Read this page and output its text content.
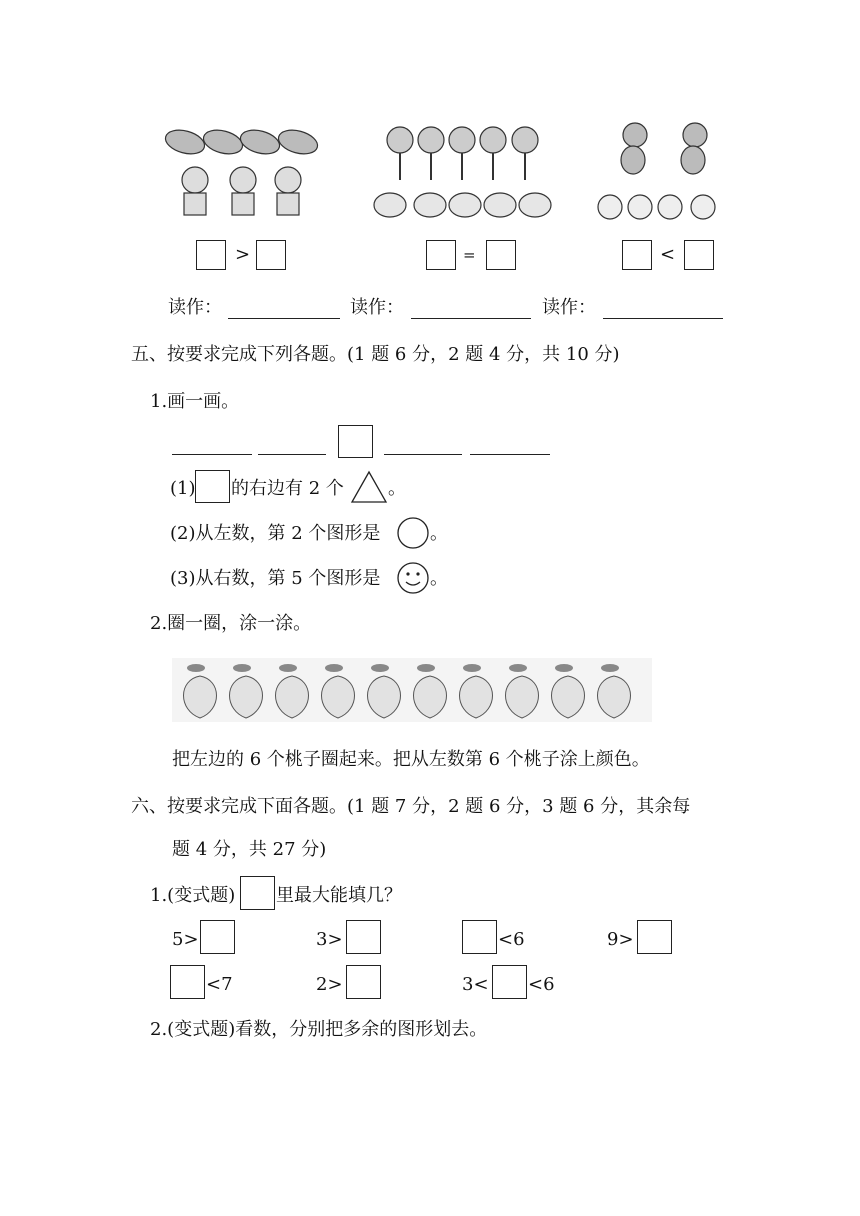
>	=	<
读作：	读作：	读作：
五、按要求完成下列各题。(1 题 6 分，2 题 4 分，共 10 分)
1.画一画。
(1) 的右边有 2 个 。
(2)从左数，第 2 个图形是	。
(3)从右数，第 5 个图形是	。
2.圈一圈，涂一涂。
把左边的 6 个桃子圈起来。把从左数第 6 个桃子涂上颜色。
六、按要求完成下面各题。(1 题 7 分，2 题 6 分，3 题 6 分，其余每
题 4 分，共 27 分)
1.(变式题) 里最大能填几？
5>	3>	<6	9>
<7	2>	3< <6
2.(变式题)看数，分别把多余的图形划去。
